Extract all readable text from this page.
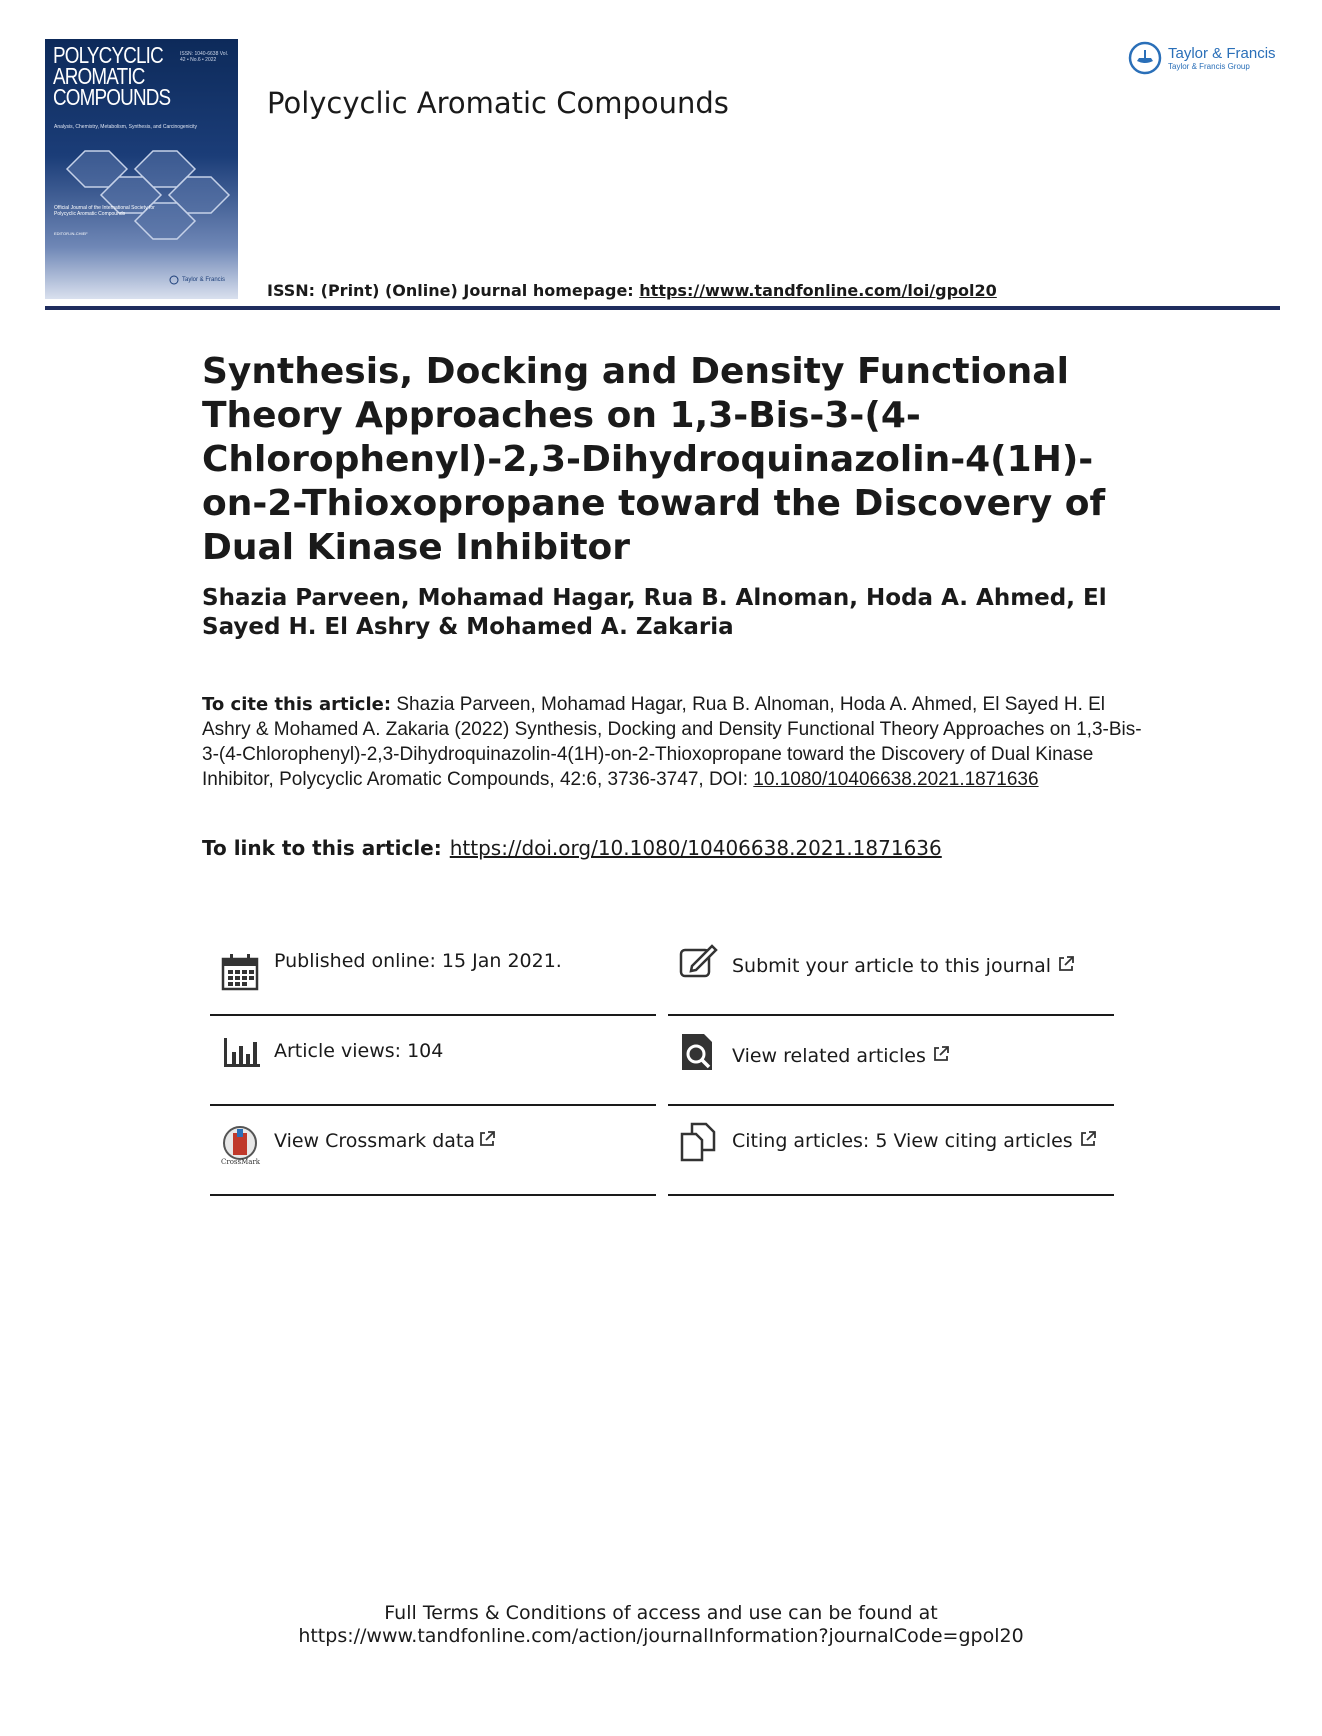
POLYCYCLIC
AROMATIC
COMPOUNDS
ISSN: 1040-6638 Vol. 42 • No.6 • 2022
Analysis, Chemistry, Metabolism, Synthesis, and Carcinogenicity
Official Journal of the International Society for Polycyclic Aromatic Compounds
EDITOR-IN-CHIEF
Taylor & Francis
Polycyclic Aromatic Compounds
Taylor & Francis
Taylor & Francis Group
ISSN: (Print) (Online) Journal homepage: https://www.tandfonline.com/loi/gpol20
Synthesis, Docking and Density Functional Theory Approaches on 1,3-Bis-3-(4-Chlorophenyl)-2,3-Dihydroquinazolin-4(1H)-on-2-Thioxopropane toward the Discovery of Dual Kinase Inhibitor
Shazia Parveen, Mohamad Hagar, Rua B. Alnoman, Hoda A. Ahmed, El Sayed H. El Ashry & Mohamed A. Zakaria
To cite this article: Shazia Parveen, Mohamad Hagar, Rua B. Alnoman, Hoda A. Ahmed, El Sayed H. El Ashry & Mohamed A. Zakaria (2022) Synthesis, Docking and Density Functional Theory Approaches on 1,3-Bis-3-(4-Chlorophenyl)-2,3-Dihydroquinazolin-4(1H)-on-2-Thioxopropane toward the Discovery of Dual Kinase Inhibitor, Polycyclic Aromatic Compounds, 42:6, 3736-3747, DOI: 10.1080/10406638.2021.1871636
To link to this article: https://doi.org/10.1080/10406638.2021.1871636
Published online: 15 Jan 2021.
Article views: 104
CrossMark
View Crossmark data
Submit your article to this journal
View related articles
Citing articles: 5 View citing articles
Full Terms & Conditions of access and use can be found at
https://www.tandfonline.com/action/journalInformation?journalCode=gpol20
